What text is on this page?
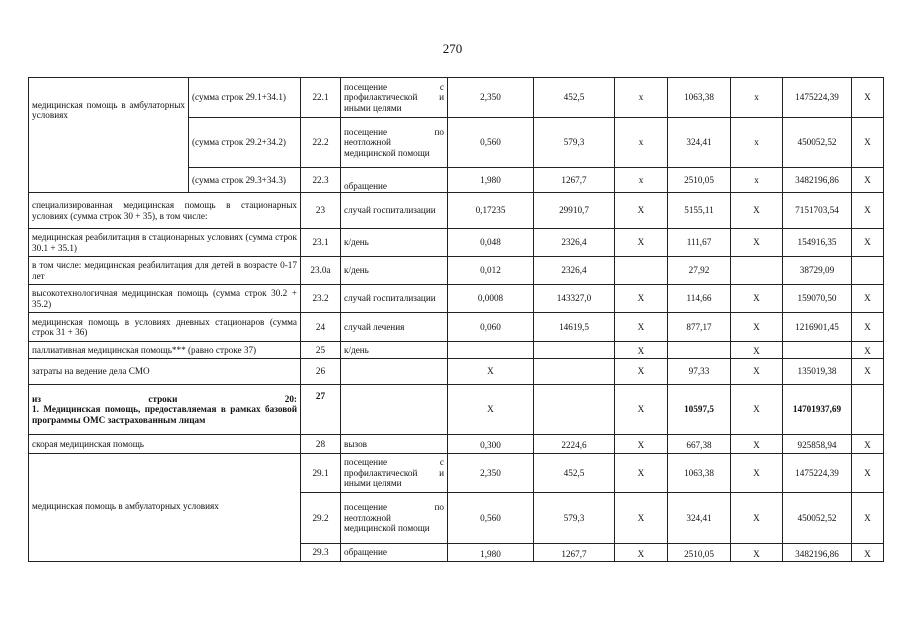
270
медицинская помощь в амбулаторных условиях	(сумма строк 29.1+34.1)	22.1	посещение с профилактической и иными целями	2,350	452,5	x	1063,38	x	1475224,39	X
	(сумма строк 29.2+34.2)	22.2	посещение по неотложной медицинской помощи	0,560	579,3	x	324,41	x	450052,52	X
	(сумма строк 29.3+34.3)	22.3	обращение	1,980	1267,7	x	2510,05	x	3482196,86	X
специализированная медицинская помощь в стационарных условиях (сумма строк 30 + 35), в том числе:		23	случай госпитализации	0,17235	29910,7	X	5155,11	X	7151703,54	X
медицинская реабилитация в стационарных условиях (сумма строк 30.1 + 35.1)		23.1	к/день	0,048	2326,4	X	111,67	X	154916,35	X
в том числе: медицинская реабилитация для детей в возрасте 0-17 лет		23.0а	к/день	0,012	2326,4		27,92		38729,09	
высокотехнологичная медицинская помощь (сумма строк 30.2 + 35.2)		23.2	случай госпитализации	0,0008	143327,0	X	114,66	X	159070,50	X
медицинская помощь в условиях дневных стационаров (сумма строк 31 + 36)		24	случай лечения	0,060	14619,5	X	877,17	X	1216901,45	X
паллиативная медицинская помощь*** (равно строке 37)		25	к/день			X		X		X
затраты на ведение дела СМО		26		X		X	97,33	X	135019,38	X

из строки 20:
1. Медицинская помощь, предоставляемая в рамках базовой программы ОМС застрахованным лицам		27		X		X	10597,5	X	14701937,69	
скорая медицинская помощь		28	вызов	0,300	2224,6	X	667,38	X	925858,94	X
медицинская помощь в амбулаторных условиях		29.1	посещение с профилактической и иными целями	2,350	452,5	X	1063,38	X	1475224,39	X
		29.2	посещение по неотложной медицинской помощи	0,560	579,3	X	324,41	X	450052,52	X
		29.3	обращение	1,980	1267,7	X	2510,05	X	3482196,86	X
